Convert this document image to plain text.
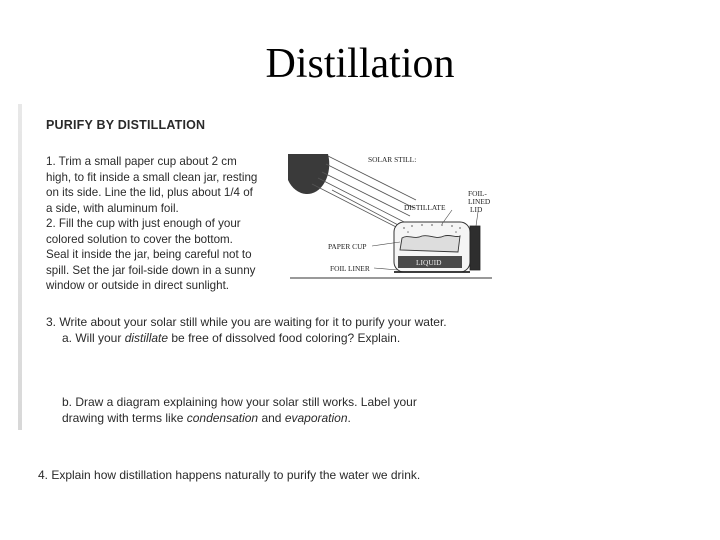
Distillation
PURIFY BY DISTILLATION
1. Trim a small paper cup about 2 cm
high, to fit inside a small clean jar, resting
on its side. Line the lid, plus about 1/4 of
a side, with aluminum foil.
2. Fill the cup with just enough of your
colored solution to cover the bottom.
Seal it inside the jar, being careful not to
spill. Set the jar foil-side down in a sunny
window or outside in direct sunlight.
3. Write about your solar still while you are waiting for it to purify your water.
a. Will your distillate be free of dissolved food coloring? Explain.
b. Draw a diagram explaining how your solar still works. Label your
drawing with terms like condensation and evaporation.
4. Explain how distillation happens naturally to purify the water we drink.
SOLAR STILL:
DISTILLATE
FOIL-
LINED
LID
PAPER CUP
FOIL LINER
LIQUID
